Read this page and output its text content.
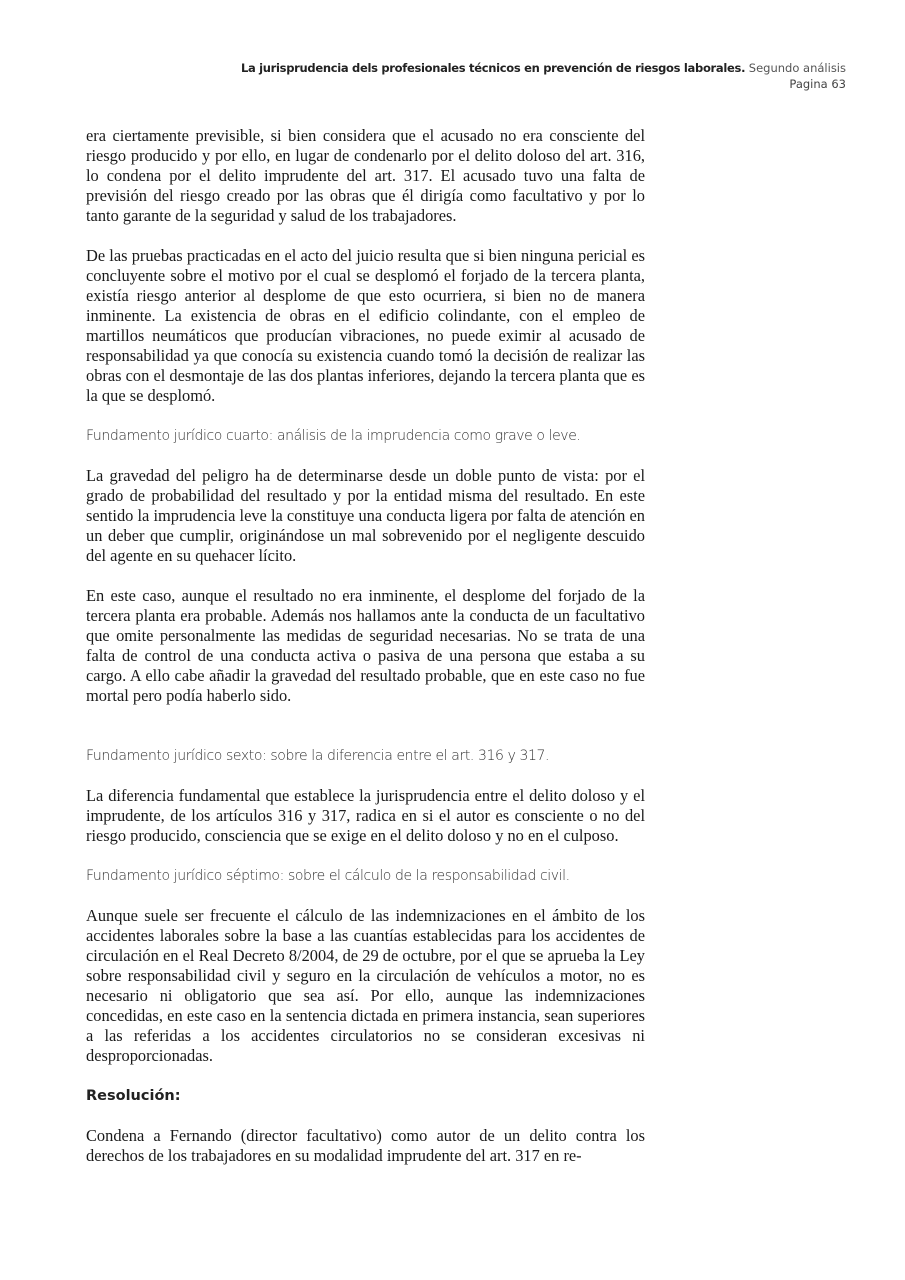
La jurisprudencia dels profesionales técnicos en prevención de riesgos laborales. Segundo análisis
Pagina 63

era ciertamente previsible, si bien considera que el acusado no era consciente del riesgo producido y por ello, en lugar de condenarlo por el delito doloso del art. 316, lo condena por el delito imprudente del art. 317. El acusado tuvo una falta de previsión del riesgo creado por las obras que él dirigía como facultativo y por lo tanto garante de la seguridad y salud de los trabajadores.

De las pruebas practicadas en el acto del juicio resulta que si bien ninguna pericial es concluyente sobre el motivo por el cual se desplomó el forjado de la tercera planta, existía riesgo anterior al desplome de que esto ocurriera, si bien no de manera inminente. La existencia de obras en el edificio colindante, con el empleo de martillos neumáticos que producían vibraciones, no puede eximir al acusado de responsabilidad ya que conocía su existencia cuando tomó la decisión de realizar las obras con el desmontaje de las dos plantas inferiores, dejando la tercera planta que es la que se desplomó.

Fundamento jurídico cuarto: análisis de la imprudencia como grave o leve.

La gravedad del peligro ha de determinarse desde un doble punto de vista: por el grado de probabilidad del resultado y por la entidad misma del resultado. En este sentido la imprudencia leve la constituye una conducta ligera por falta de atención en un deber que cumplir, originándose un mal sobrevenido por el negligente descuido del agente en su quehacer lícito.

En este caso, aunque el resultado no era inminente, el desplome del forjado de la tercera planta era probable. Además nos hallamos ante la conducta de un facultativo que omite personalmente las medidas de seguridad necesarias. No se trata de una falta de control de una conducta activa o pasiva de una persona que estaba a su cargo. A ello cabe añadir la gravedad del resultado probable, que en este caso no fue mortal pero podía haberlo sido.

Fundamento jurídico sexto: sobre la diferencia entre el art. 316 y 317.

La diferencia fundamental que establece la jurisprudencia entre el delito doloso y el imprudente, de los artículos 316 y 317, radica en si el autor es consciente o no del riesgo producido, consciencia que se exige en el delito doloso y no en el culposo.

Fundamento jurídico séptimo: sobre el cálculo de la responsabilidad civil.

Aunque suele ser frecuente el cálculo de las indemnizaciones en el ámbito de los accidentes laborales sobre la base a las cuantías establecidas para los accidentes de circulación en el Real Decreto 8/2004, de 29 de octubre, por el que se aprueba la Ley sobre responsabilidad civil y seguro en la circulación de vehículos a motor, no es necesario ni obligatorio que sea así. Por ello, aunque las indemnizaciones concedidas, en este caso en la sentencia dictada en primera instancia, sean superiores a las referidas a los accidentes circulatorios no se consideran excesivas ni desproporcionadas.

Resolución:

Condena a Fernando (director facultativo) como autor de un delito contra los derechos de los trabajadores en su modalidad imprudente del art. 317 en re-
